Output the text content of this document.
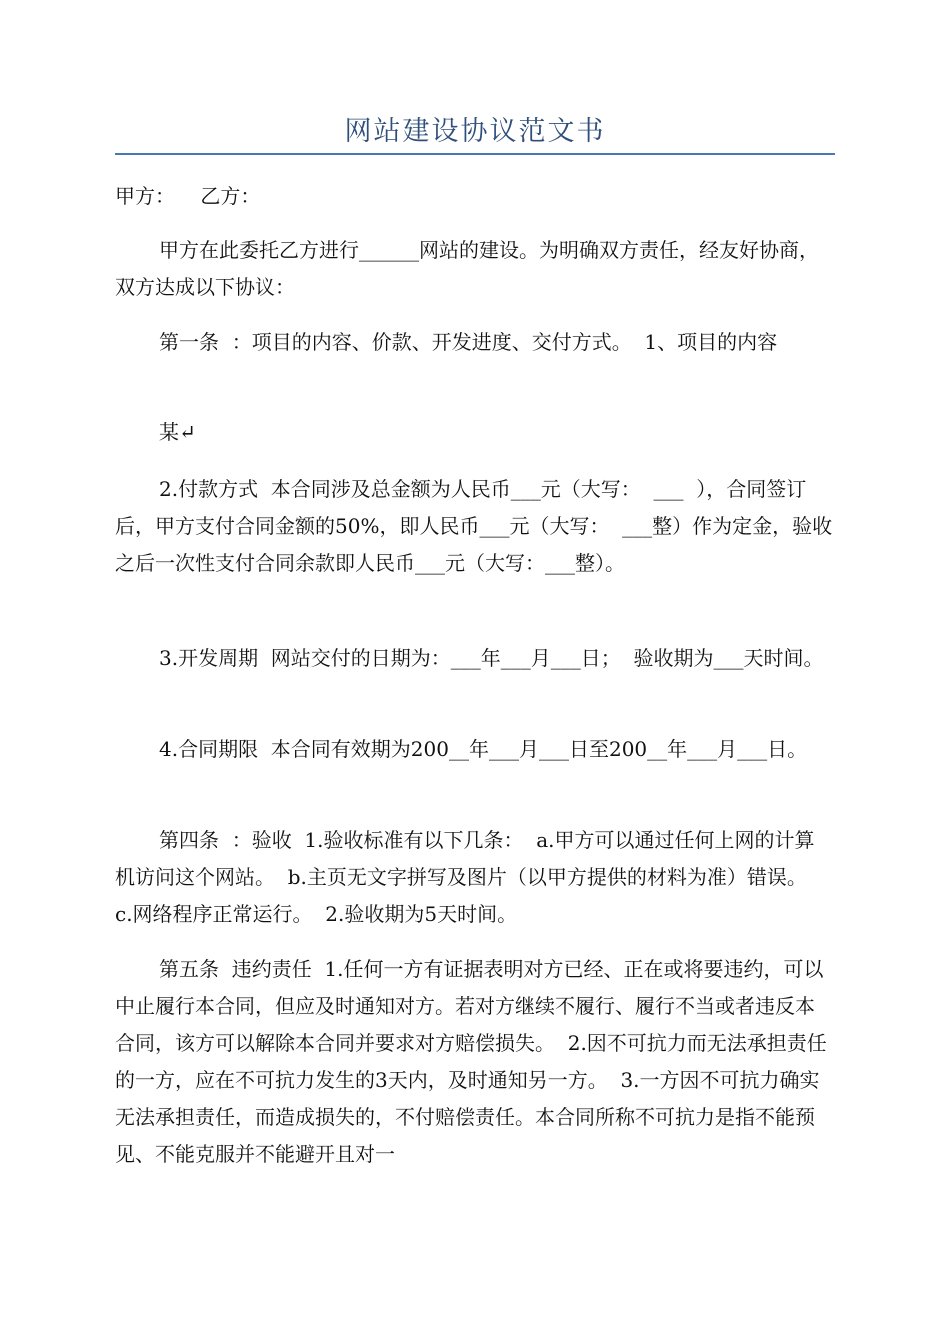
网站建设协议范文书

甲方：    乙方：

甲方在此委托乙方进行______网站的建设。为明确双方责任，经友好协商，双方达成以下协议：

第一条  ：项目的内容、价款、开发进度、交付方式。  1、项目的内容

某↵

2.付款方式  本合同涉及总金额为人民币___元（大写：  ___  ），合同签订后，甲方支付合同金额的50%，即人民币___元（大写：  ___整）作为定金，验收之后一次性支付合同余款即人民币___元（大写：___整）。

3.开发周期  网站交付的日期为：___年___月___日；  验收期为___天时间。

4.合同期限  本合同有效期为200__年___月___日至200__年___月___日。

第四条  ：验收  1.验收标准有以下几条：  a.甲方可以通过任何上网的计算机访问这个网站。  b.主页无文字拼写及图片（以甲方提供的材料为准）错误。  c.网络程序正常运行。  2.验收期为5天时间。

第五条  违约责任  1.任何一方有证据表明对方已经、正在或将要违约，可以中止履行本合同，但应及时通知对方。若对方继续不履行、履行不当或者违反本合同，该方可以解除本合同并要求对方赔偿损失。  2.因不可抗力而无法承担责任的一方，应在不可抗力发生的3天内，及时通知另一方。  3.一方因不可抗力确实无法承担责任，而造成损失的，不付赔偿责任。本合同所称不可抗力是指不能预见、不能克服并不能避开且对一
